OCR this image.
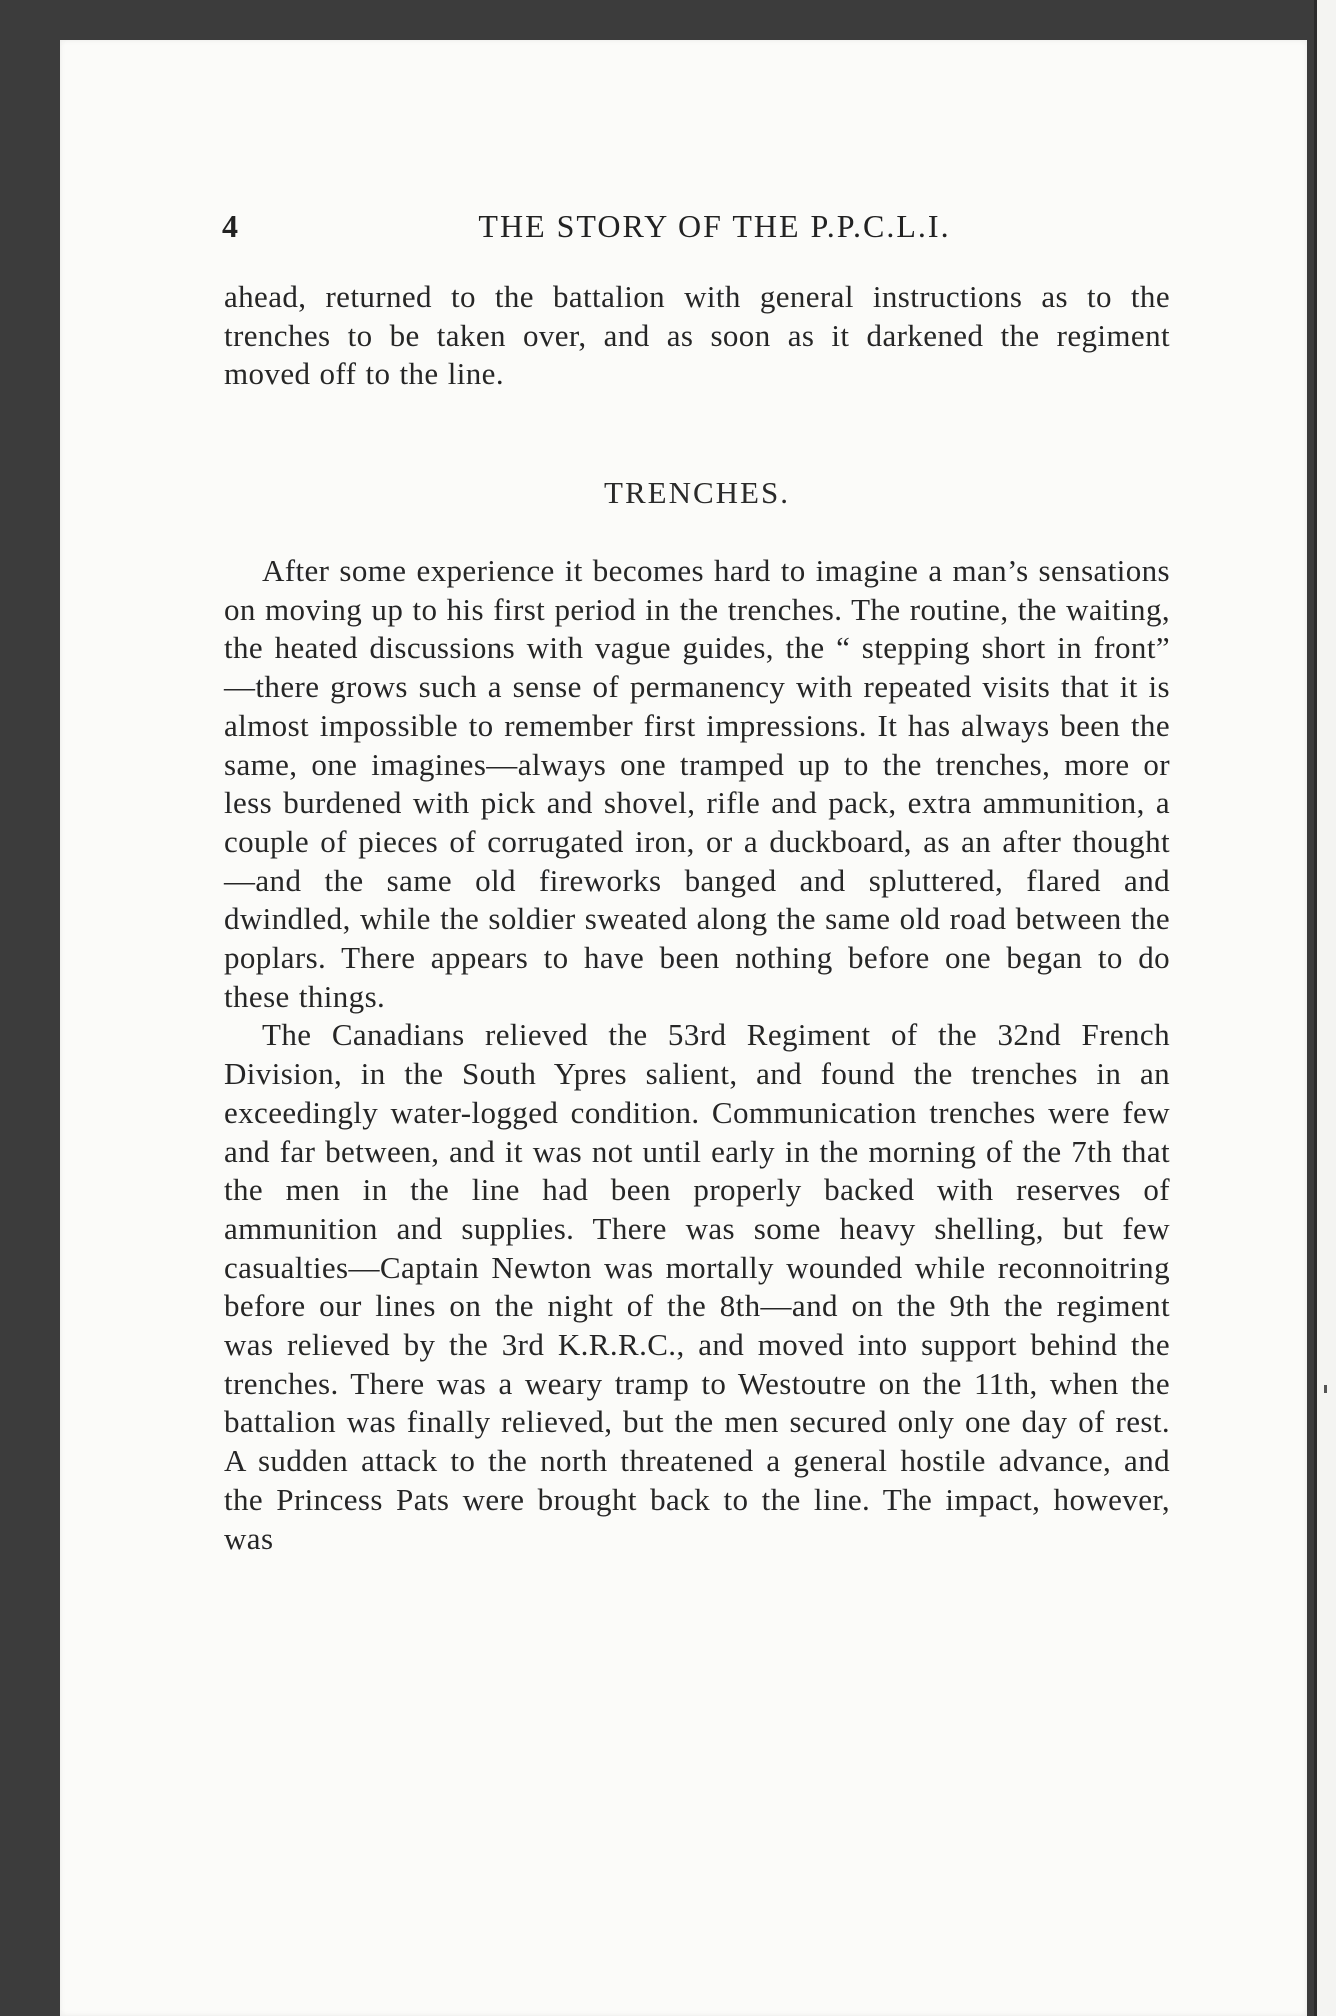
4	THE STORY OF THE P.P.C.L.I.

ahead, returned to the battalion with general instructions as to the trenches to be taken over, and as soon as it darkened the regiment moved off to the line.

TRENCHES.

After some experience it becomes hard to imagine a man’s sensations on moving up to his first period in the trenches. The routine, the waiting, the heated discussions with vague guides, the “ stepping short in front” —there grows such a sense of permanency with repeated visits that it is almost impossible to remember first impressions. It has always been the same, one imagines—always one tramped up to the trenches, more or less burdened with pick and shovel, rifle and pack, extra ammunition, a couple of pieces of corrugated iron, or a duckboard, as an after thought—and the same old fireworks banged and spluttered, flared and dwindled, while the soldier sweated along the same old road between the poplars. There appears to have been nothing before one began to do these things.

The Canadians relieved the 53rd Regiment of the 32nd French Division, in the South Ypres salient, and found the trenches in an exceedingly water-logged condition. Communication trenches were few and far between, and it was not until early in the morning of the 7th that the men in the line had been properly backed with reserves of ammunition and supplies. There was some heavy shelling, but few casualties—Captain Newton was mortally wounded while reconnoitring before our lines on the night of the 8th—and on the 9th the regiment was relieved by the 3rd K.R.R.C., and moved into support behind the trenches. There was a weary tramp to Westoutre on the 11th, when the battalion was finally relieved, but the men secured only one day of rest. A sudden attack to the north threatened a general hostile advance, and the Princess Pats were brought back to the line. The impact, however, was
